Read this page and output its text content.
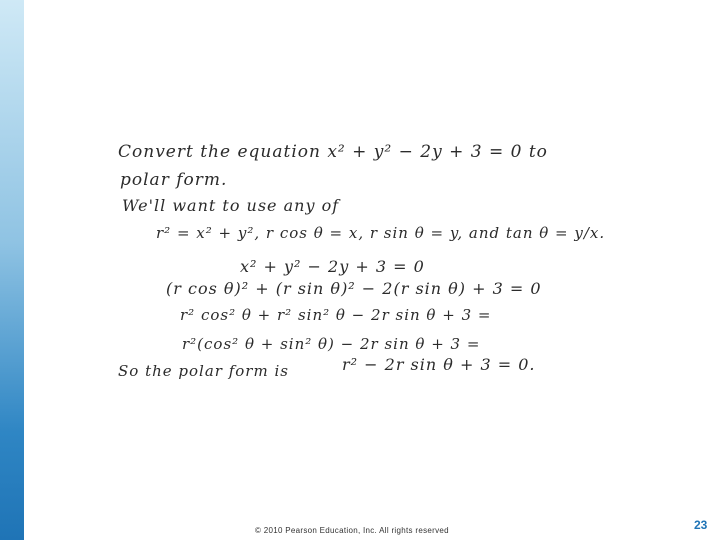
Convert the equation x² + y² − 2y + 3 = 0 to
polar form.
We'll want to use any of
r² = x² + y², r cos θ = x, r sin θ = y, and tan θ = y/x.
x² + y² − 2y + 3 = 0
(r cos θ)² + (r sin θ)² − 2(r sin θ) + 3 = 0
r² cos² θ + r² sin² θ − 2r sin θ + 3 =
r²(cos² θ + sin² θ) − 2r sin θ + 3 =
So the polar form is	r² − 2r sin θ + 3 = 0.
© 2010 Pearson Education, Inc. All rights reserved	23
